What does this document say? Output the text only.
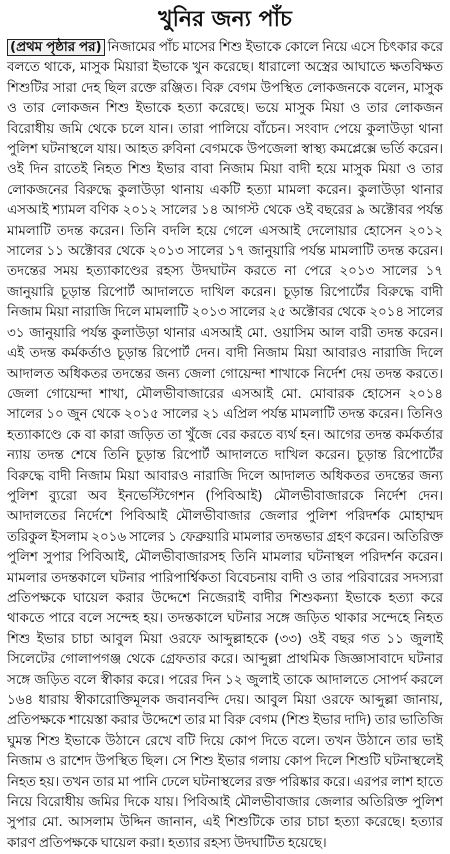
খুনির জন্য পাঁচ

(প্রথম পৃষ্ঠার পর) নিজামের পাঁচ মাসের শিশু ইভাকে কোলে নিয়ে এসে চিৎকার করে বলতে থাকে, মাসুক মিয়ারা ইভাকে খুন করেছে। ধারালো অস্ত্রের আঘাতে ক্ষতবিক্ষত শিশুটির সারা দেহ ছিল রক্তে রঞ্জিত। বিরু বেগম উপস্থিত লোকজনকে বলেন, মাসুক ও তার লোকজন শিশু ইভাকে হত্যা করেছে। ভয়ে মাসুক মিয়া ও তার লোকজন বিরোধীয় জমি থেকে চলে যান। তারা পালিয়ে বাঁচেন। সংবাদ পেয়ে কুলাউড়া থানা পুলিশ ঘটনাস্থলে যায়। আহত রুবিনা বেগমকে উপজেলা স্বাস্থ্য কমপ্লেক্সে ভর্তি করেন। ওই দিন রাতেই নিহত শিশু ইভার বাবা নিজাম মিয়া বাদী হয়ে মাসুক মিয়া ও তার লোকজনের বিরুদ্ধে কুলাউড়া থানায় একটি হত্যা মামলা করেন। কুলাউড়া থানার এসআই শ্যামল বণিক ২০১২ সালের ১৪ আগস্ট থেকে ওই বছরের ৯ অক্টোবর পর্যন্ত মামলাটি তদন্ত করেন। তিনি বদলি হয়ে গেলে এসআই দেলোয়ার হোসেন ২০১২ সালের ১১ অক্টোবর থেকে ২০১৩ সালের ১৭ জানুয়ারি পর্যন্ত মামলাটি তদন্ত করেন। তদন্তের সময় হত্যাকাণ্ডের রহস্য উদঘাটন করতে না পেরে ২০১৩ সালের ১৭ জানুয়ারি চূড়ান্ত রিপোর্ট আদালতে দাখিল করেন। চূড়ান্ত রিপোর্টের বিরুদ্ধে বাদী নিজাম মিয়া নারাজি দিলে মামলাটি ২০১৩ সালের ২৫ অক্টোবর থেকে ২০১৪ সালের ৩১ জানুয়ারি পর্যন্ত কুলাউড়া থানার এসআই মো. ওয়াসিম আল বারী তদন্ত করেন। এই তদন্ত কর্মকর্তাও চূড়ান্ত রিপোর্ট দেন। বাদী নিজাম মিয়া আবারও নারাজি দিলে আদালত অধিকতর তদন্তের জন্য জেলা গোয়েন্দা শাখাকে নির্দেশ দেয় তদন্ত করতে। জেলা গোয়েন্দা শাখা, মৌলভীবাজারের এসআই মো. মোবারক হোসেন ২০১৪ সালের ১০ জুন থেকে ২০১৫ সালের ২১ এপ্রিল পর্যন্ত মামলাটি তদন্ত করেন। তিনিও হত্যাকাণ্ডে কে বা কারা জড়িত তা খুঁজে বের করতে ব্যর্থ হন। আগের তদন্ত কর্মকর্তার ন্যায় তদন্ত শেষে তিনি চূড়ান্ত রিপোর্ট আদালতে দাখিল করেন। চূড়ান্ত রিপোর্টের বিরুদ্ধে বাদী নিজাম মিয়া আবারও নারাজি দিলে আদালত অধিকতর তদন্তের জন্য পুলিশ ব্যুরো অব ইনভেস্টিগেশন (পিবিআই) মৌলভীবাজারকে নির্দেশ দেন। আদালতের নির্দেশে পিবিআই মৌলভীবাজার জেলার পুলিশ পরিদর্শক মোহাম্মদ তরিকুল ইসলাম ২০১৬ সালের ১ ফেব্রুয়ারি মামলার তদন্তভার গ্রহণ করেন। অতিরিক্ত পুলিশ সুপার পিবিআই, মৌলভীবাজারসহ তিনি মামলার ঘটনাস্থল পরিদর্শন করেন। মামলার তদন্তকালে ঘটনার পারিপার্শ্বিকতা বিবেচনায় বাদী ও তার পরিবারের সদস্যরা প্রতিপক্ষকে ঘায়েল করার উদ্দেশে নিজেরাই বাদীর শিশুকন্যা ইভাকে হত্যা করে থাকতে পারে বলে সন্দেহ হয়। তদন্তকালে ঘটনার সঙ্গে জড়িত থাকার সন্দেহে নিহত শিশু ইভার চাচা আবুল মিয়া ওরফে আব্দুল্লাহকে (৩৩) ওই বছর গত ১১ জুলাই সিলেটের গোলাপগঞ্জ থেকে গ্রেফতার করে। আব্দুল্লা প্রাথমিক জিজ্ঞাসাবাদে ঘটনার সঙ্গে জড়িত বলে স্বীকার করে। পরের দিন ১২ জুলাই তাকে আদালতে সোপর্দ করলে ১৬৪ ধারায় স্বীকারোক্তিমূলক জবানবন্দি দেয়। আবুল মিয়া ওরফে আব্দুল্লা জানায়, প্রতিপক্ষকে শায়েস্তা করার উদ্দেশে তার মা বিরু বেগম (শিশু ইভার দাদি) তার ভাতিজি ঘুমন্ত শিশু ইভাকে উঠানে রেখে বটি দিয়ে কোপ দিতে বলে। তখন উঠানে তার ভাই নিজাম ও রাশেদ উপস্থিত ছিল। সে শিশু ইভার গলায় কোপ দিলে শিশুটি ঘটনাস্থলেই নিহত হয়। তখন তার মা পানি ঢেলে ঘটনাস্থলের রক্ত পরিষ্কার করে। এরপর লাশ হাতে নিয়ে বিরোধীয় জমির দিকে যায়। পিবিআই মৌলভীবাজার জেলার অতিরিক্ত পুলিশ সুপার মো. আসলাম উদ্দিন জানান, এই শিশুটিকে তার চাচা হত্যা করেছে। হত্যার কারণ প্রতিপক্ষকে ঘায়েল করা। হত্যার রহস্য উদঘাটিত হয়েছে।
